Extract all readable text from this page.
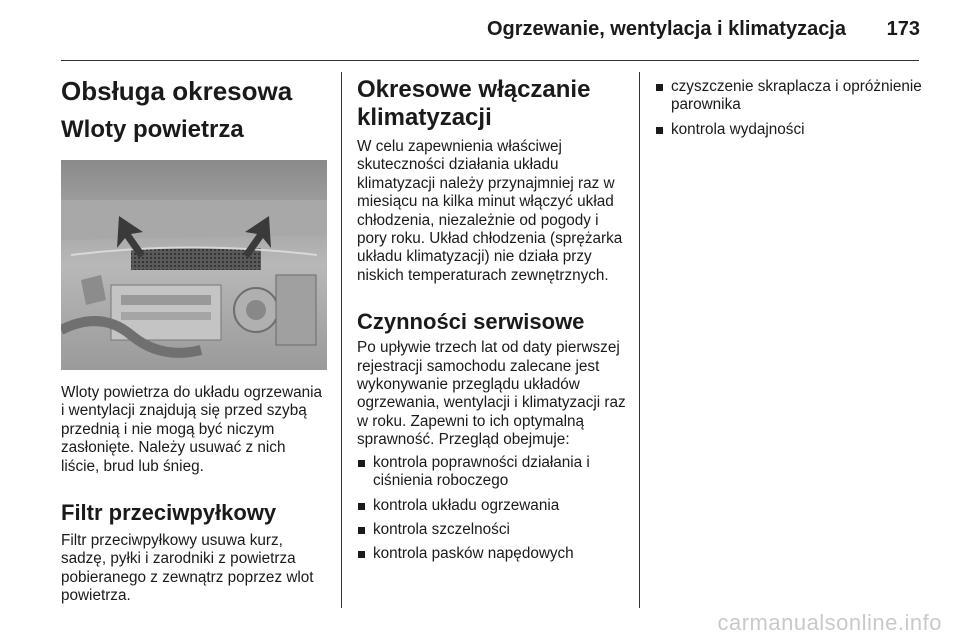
Ogrzewanie, wentylacja i klimatyzacja 173
Obsługa okresowa
Wloty powietrza

Wloty powietrza do układu ogrzewania i wentylacji znajdują się przed szybą przednią i nie mogą być niczym zasłonięte. Należy usuwać z nich liście, brud lub śnieg.

Filtr przeciwpyłkowy

Filtr przeciwpyłkowy usuwa kurz, sadzę, pyłki i zarodniki z powietrza pobieranego z zewnątrz poprzez wlot powietrza.

Okresowe włączanie klimatyzacji

W celu zapewnienia właściwej skuteczności działania układu klimatyzacji należy przynajmniej raz w miesiącu na kilka minut włączyć układ chłodzenia, niezależnie od pogody i pory roku. Układ chłodzenia (sprężarka układu klimatyzacji) nie działa przy niskich temperaturach zewnętrznych.

Czynności serwisowe

Po upływie trzech lat od daty pierwszej rejestracji samochodu zalecane jest wykonywanie przeglądu układów ogrzewania, wentylacji i klimatyzacji raz w roku. Zapewni to ich optymalną sprawność. Przegląd obejmuje:

kontrola poprawności działania i ciśnienia roboczego
kontrola układu ogrzewania
kontrola szczelności
kontrola pasków napędowych
czyszczenie skraplacza i opróżnienie parownika
kontrola wydajności
carmanualsonline.info
